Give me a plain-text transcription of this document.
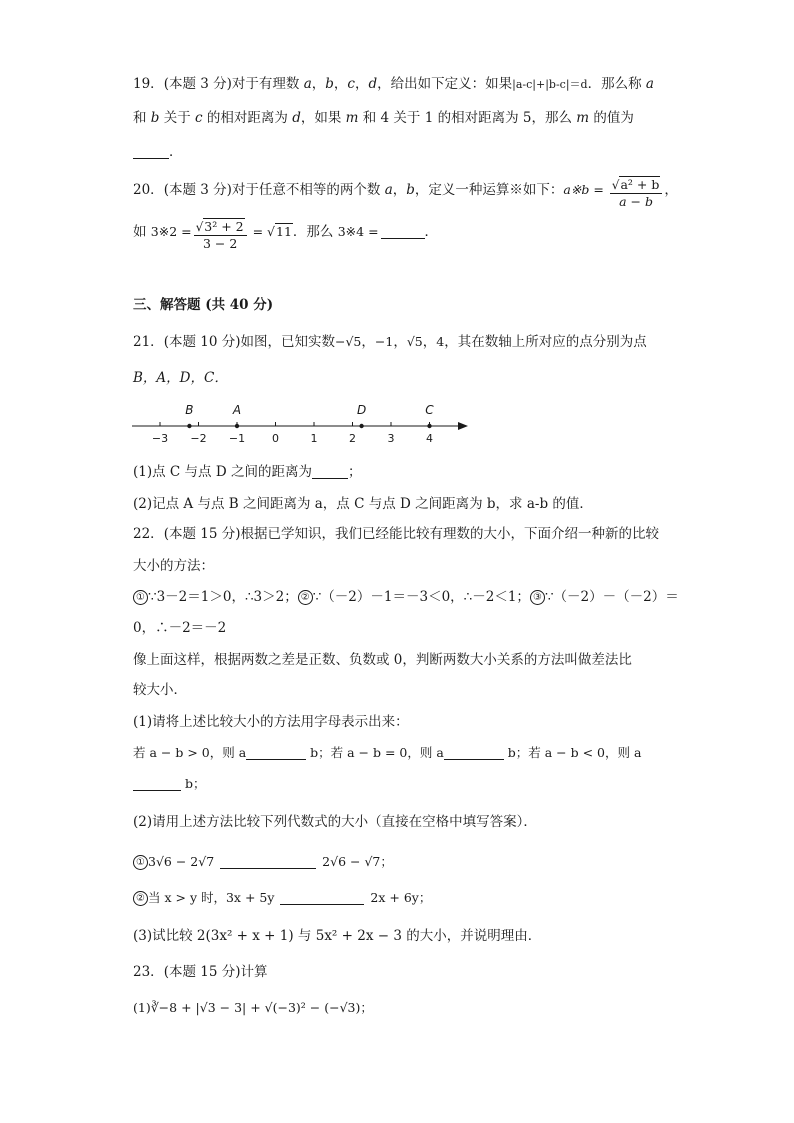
19．(本题 3 分)对于有理数 a，b，c，d，给出如下定义：如果|a-c|+|b-c|＝d．那么称 a
和 b 关于 c 的相对距离为 d，如果 m 和 4 关于 1 的相对距离为 5，那么 m 的值为
．
20．(本题 3 分)对于任意不相等的两个数 a，b，定义一种运算※如下：a※b = $\frac{\text{√a² + b}}{a - b}$ ，
如 3※2 = $\frac{\text{√3² + 2}}{3 - 2} = √11$．那么 3※4 =	．
三、解答题 (共 40 分)
21．(本题 10 分)如图，已知实数−√5，−1，√5，4，其在数轴上所对应的点分别为点
B，A，D，C．
−3 −2 −1 0	1	2	3	4
B	A	D	C
(1)点 C 与点 D 之间的距离为	；
(2)记点 A 与点 B 之间距离为 a，点 C 与点 D 之间距离为 b，求 a-b 的值．
22．(本题 15 分)根据已学知识，我们已经能比较有理数的大小，下面介绍一种新的比较
大小的方法：
① ∵3－2＝1＞0，∴3＞2； ② ∵（－2）－1＝－3＜0，∴－2＜1； ③ ∵（－2）－（－2）＝
0，∴－2＝－2
像上面这样，根据两数之差是正数、负数或 0，判断两数大小关系的方法叫做差法比
较大小．
(1)请将上述比较大小的方法用字母表示出来：
若 a − b > 0，则 a	b；若 a − b = 0，则 a	b；若 a − b < 0，则 a
b；
(2)请用上述方法比较下列代数式的大小（直接在空格中填写答案）．
① 3√6 − 2√7	2√6 − √7；
② 当 x > y 时，3x + 5y	2x + 6y；
(3)试比较 2(3x² + x + 1) 与 5x² + 2x − 3 的大小，并说明理由．
23．(本题 15 分)计算
(1)∛−8 + |√3 − 3| + √(−3)² − (−√3)；
